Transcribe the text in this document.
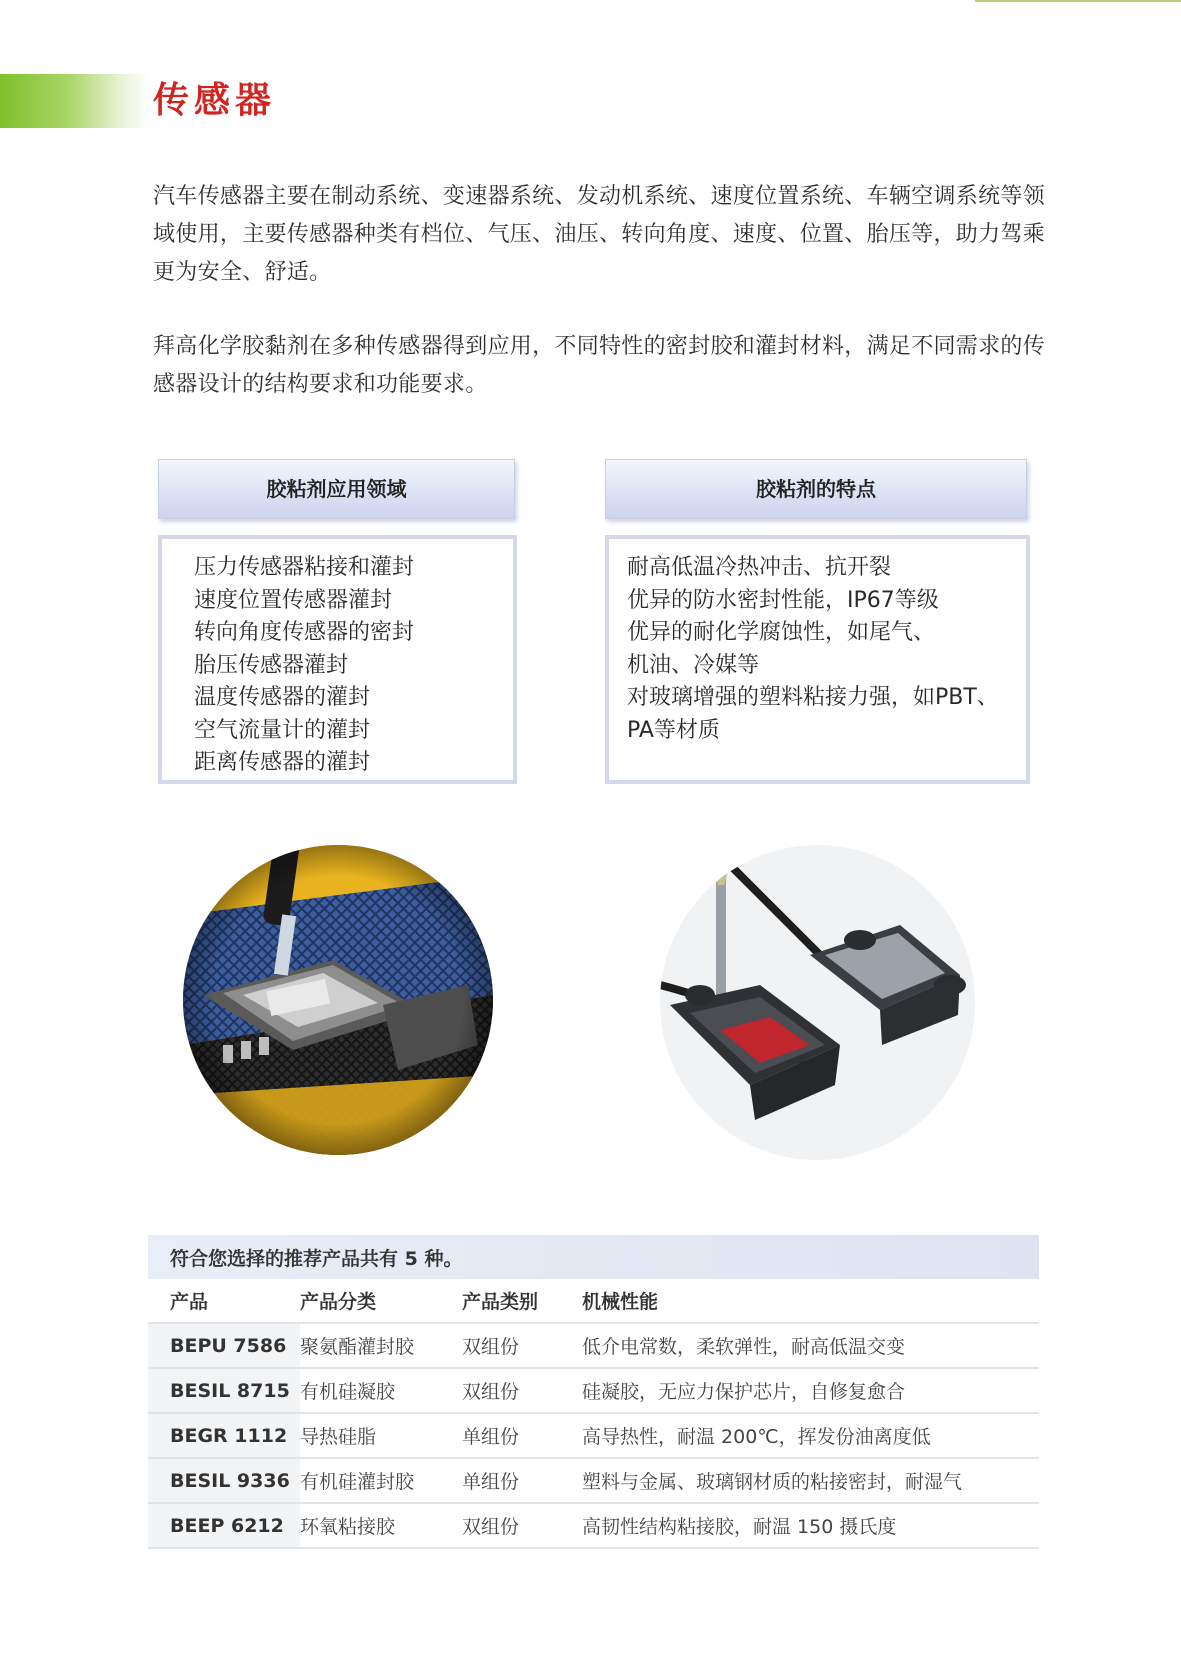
传感器

汽车传感器主要在制动系统、变速器系统、发动机系统、速度位置系统、车辆空调系统等领域使用，主要传感器种类有档位、气压、油压、转向角度、速度、位置、胎压等，助力驾乘更为安全、舒适。

拜高化学胶黏剂在多种传感器得到应用，不同特性的密封胶和灌封材料，满足不同需求的传感器设计的结构要求和功能要求。

胶粘剂应用领域
压力传感器粘接和灌封
速度位置传感器灌封
转向角度传感器的密封
胎压传感器灌封
温度传感器的灌封
空气流量计的灌封
距离传感器的灌封
胶粘剂的特点
耐高低温冷热冲击、抗开裂
优异的防水密封性能，IP67等级
优异的耐化学腐蚀性，如尾气、
机油、冷媒等
对玻璃增强的塑料粘接力强，如PBT、
PA等材质
符合您选择的推荐产品共有 5 种。			
产品	产品分类	产品类别	机械性能
BEPU 7586	聚氨酯灌封胶	双组份	低介电常数，柔软弹性，耐高低温交变
BESIL 8715	有机硅凝胶	双组份	硅凝胶，无应力保护芯片，自修复愈合
BEGR 1112	导热硅脂	单组份	高导热性，耐温 200℃，挥发份油离度低
BESIL 9336	有机硅灌封胶	单组份	塑料与金属、玻璃钢材质的粘接密封，耐湿气
BEEP 6212	环氧粘接胶	双组份	高韧性结构粘接胶，耐温 150 摄氏度
